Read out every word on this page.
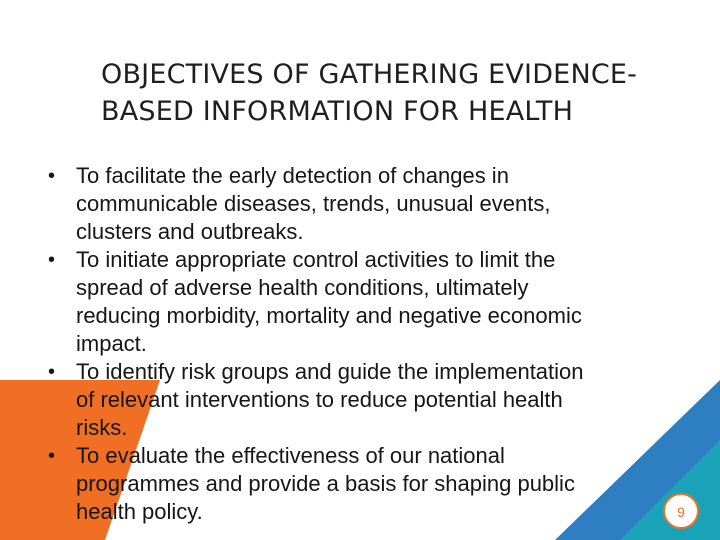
OBJECTIVES OF GATHERING EVIDENCE-
BASED INFORMATION FOR HEALTH
• To facilitate the early detection of changes in
communicable diseases, trends, unusual events,
clusters and outbreaks.
• To initiate appropriate control activities to limit the
spread of adverse health conditions, ultimately
reducing morbidity, mortality and negative economic
impact.
• To identify risk groups and guide the implementation
of relevant interventions to reduce potential health
risks.
• To evaluate the effectiveness of our national
programmes and provide a basis for shaping public
health policy.	9
